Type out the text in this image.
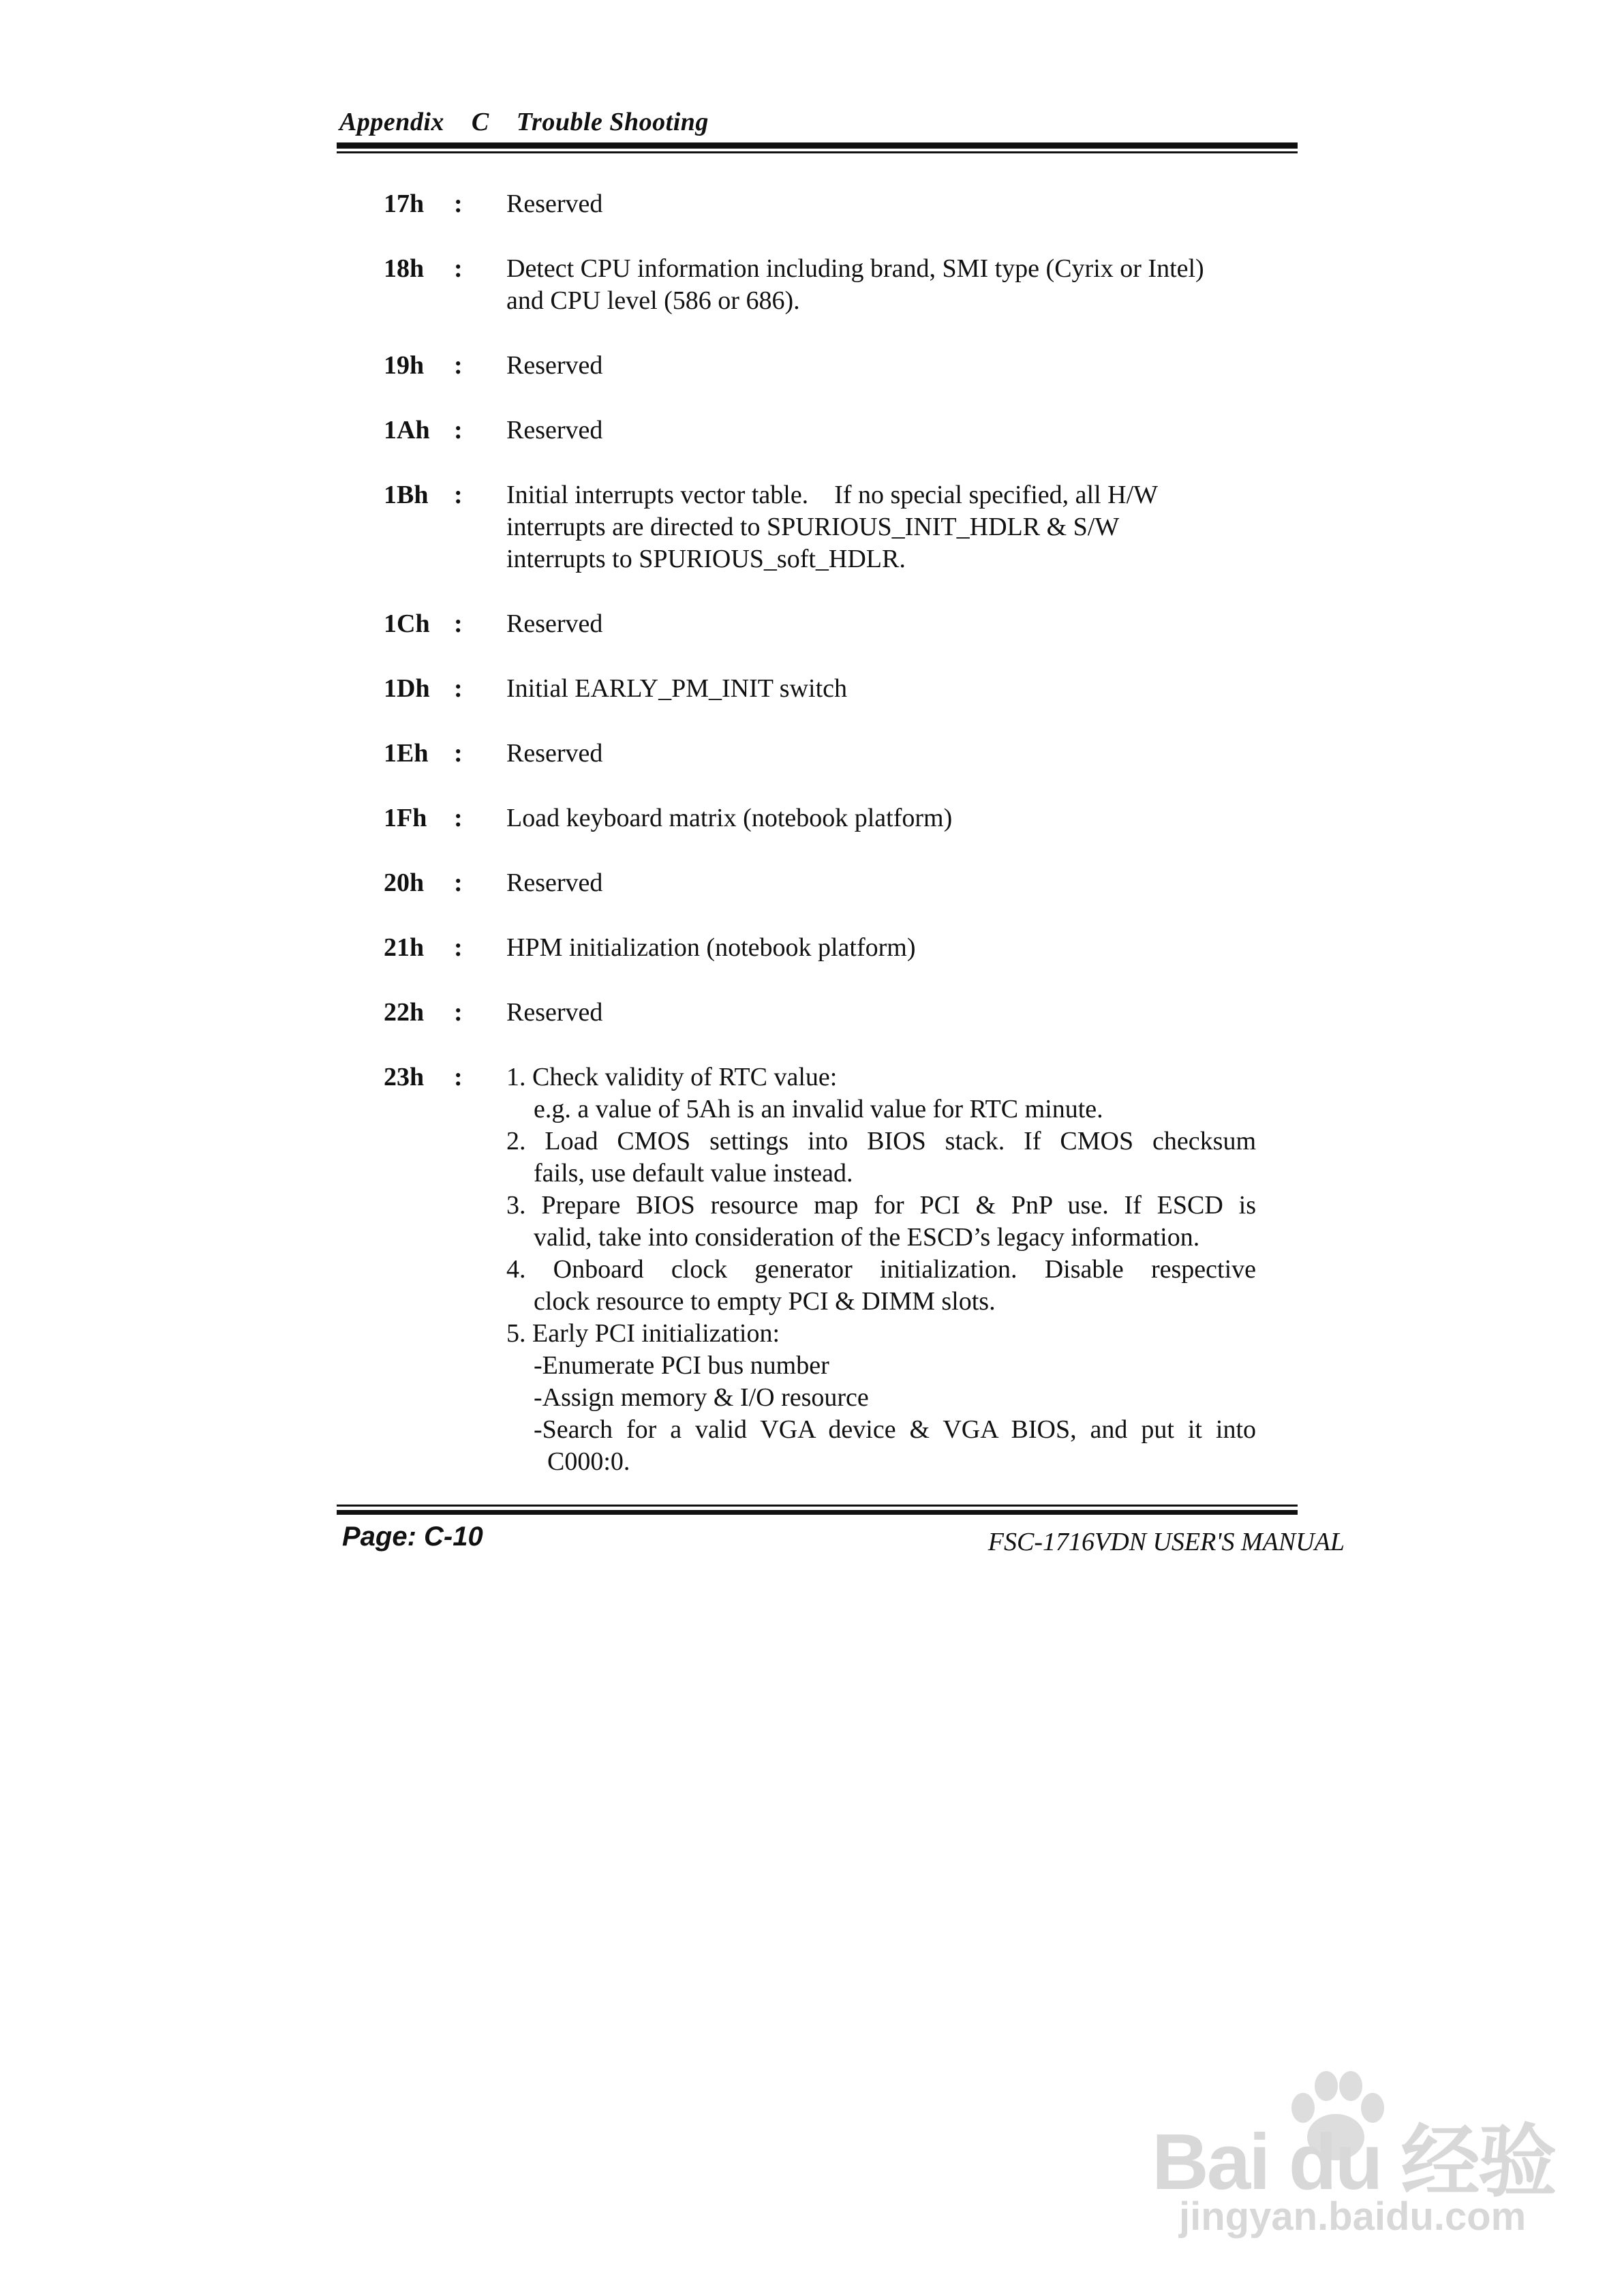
Appendix    C    Trouble Shooting
17h : Reserved
18h : Detect CPU information including brand, SMI type (Cyrix or Intel)
and CPU level (586 or 686).
19h : Reserved
1Ah : Reserved
1Bh : Initial interrupts vector table.    If no special specified, all H/W
interrupts are directed to SPURIOUS_INIT_HDLR & S/W
interrupts to SPURIOUS_soft_HDLR.
1Ch : Reserved
1Dh : Initial EARLY_PM_INIT switch
1Eh : Reserved
1Fh : Load keyboard matrix (notebook platform)
20h : Reserved
21h : HPM initialization (notebook platform)
22h : Reserved
23h : 1. Check validity of RTC value:
e.g. a value of 5Ah is an invalid value for RTC minute.
2. Load CMOS settings into BIOS stack. If CMOS checksum
fails, use default value instead.
3. Prepare BIOS resource map for PCI & PnP use. If ESCD is
valid, take into consideration of the ESCD’s legacy information.
4. Onboard clock generator initialization. Disable respective
clock resource to empty PCI & DIMM slots.
5. Early PCI initialization:
-Enumerate PCI bus number
-Assign memory & I/O resource
-Search for a valid VGA device & VGA BIOS, and put it into
C000:0.
Page: C-10	FSC-1716VDN USER'S MANUAL
Bai du 经验
jingyan.baidu.com
